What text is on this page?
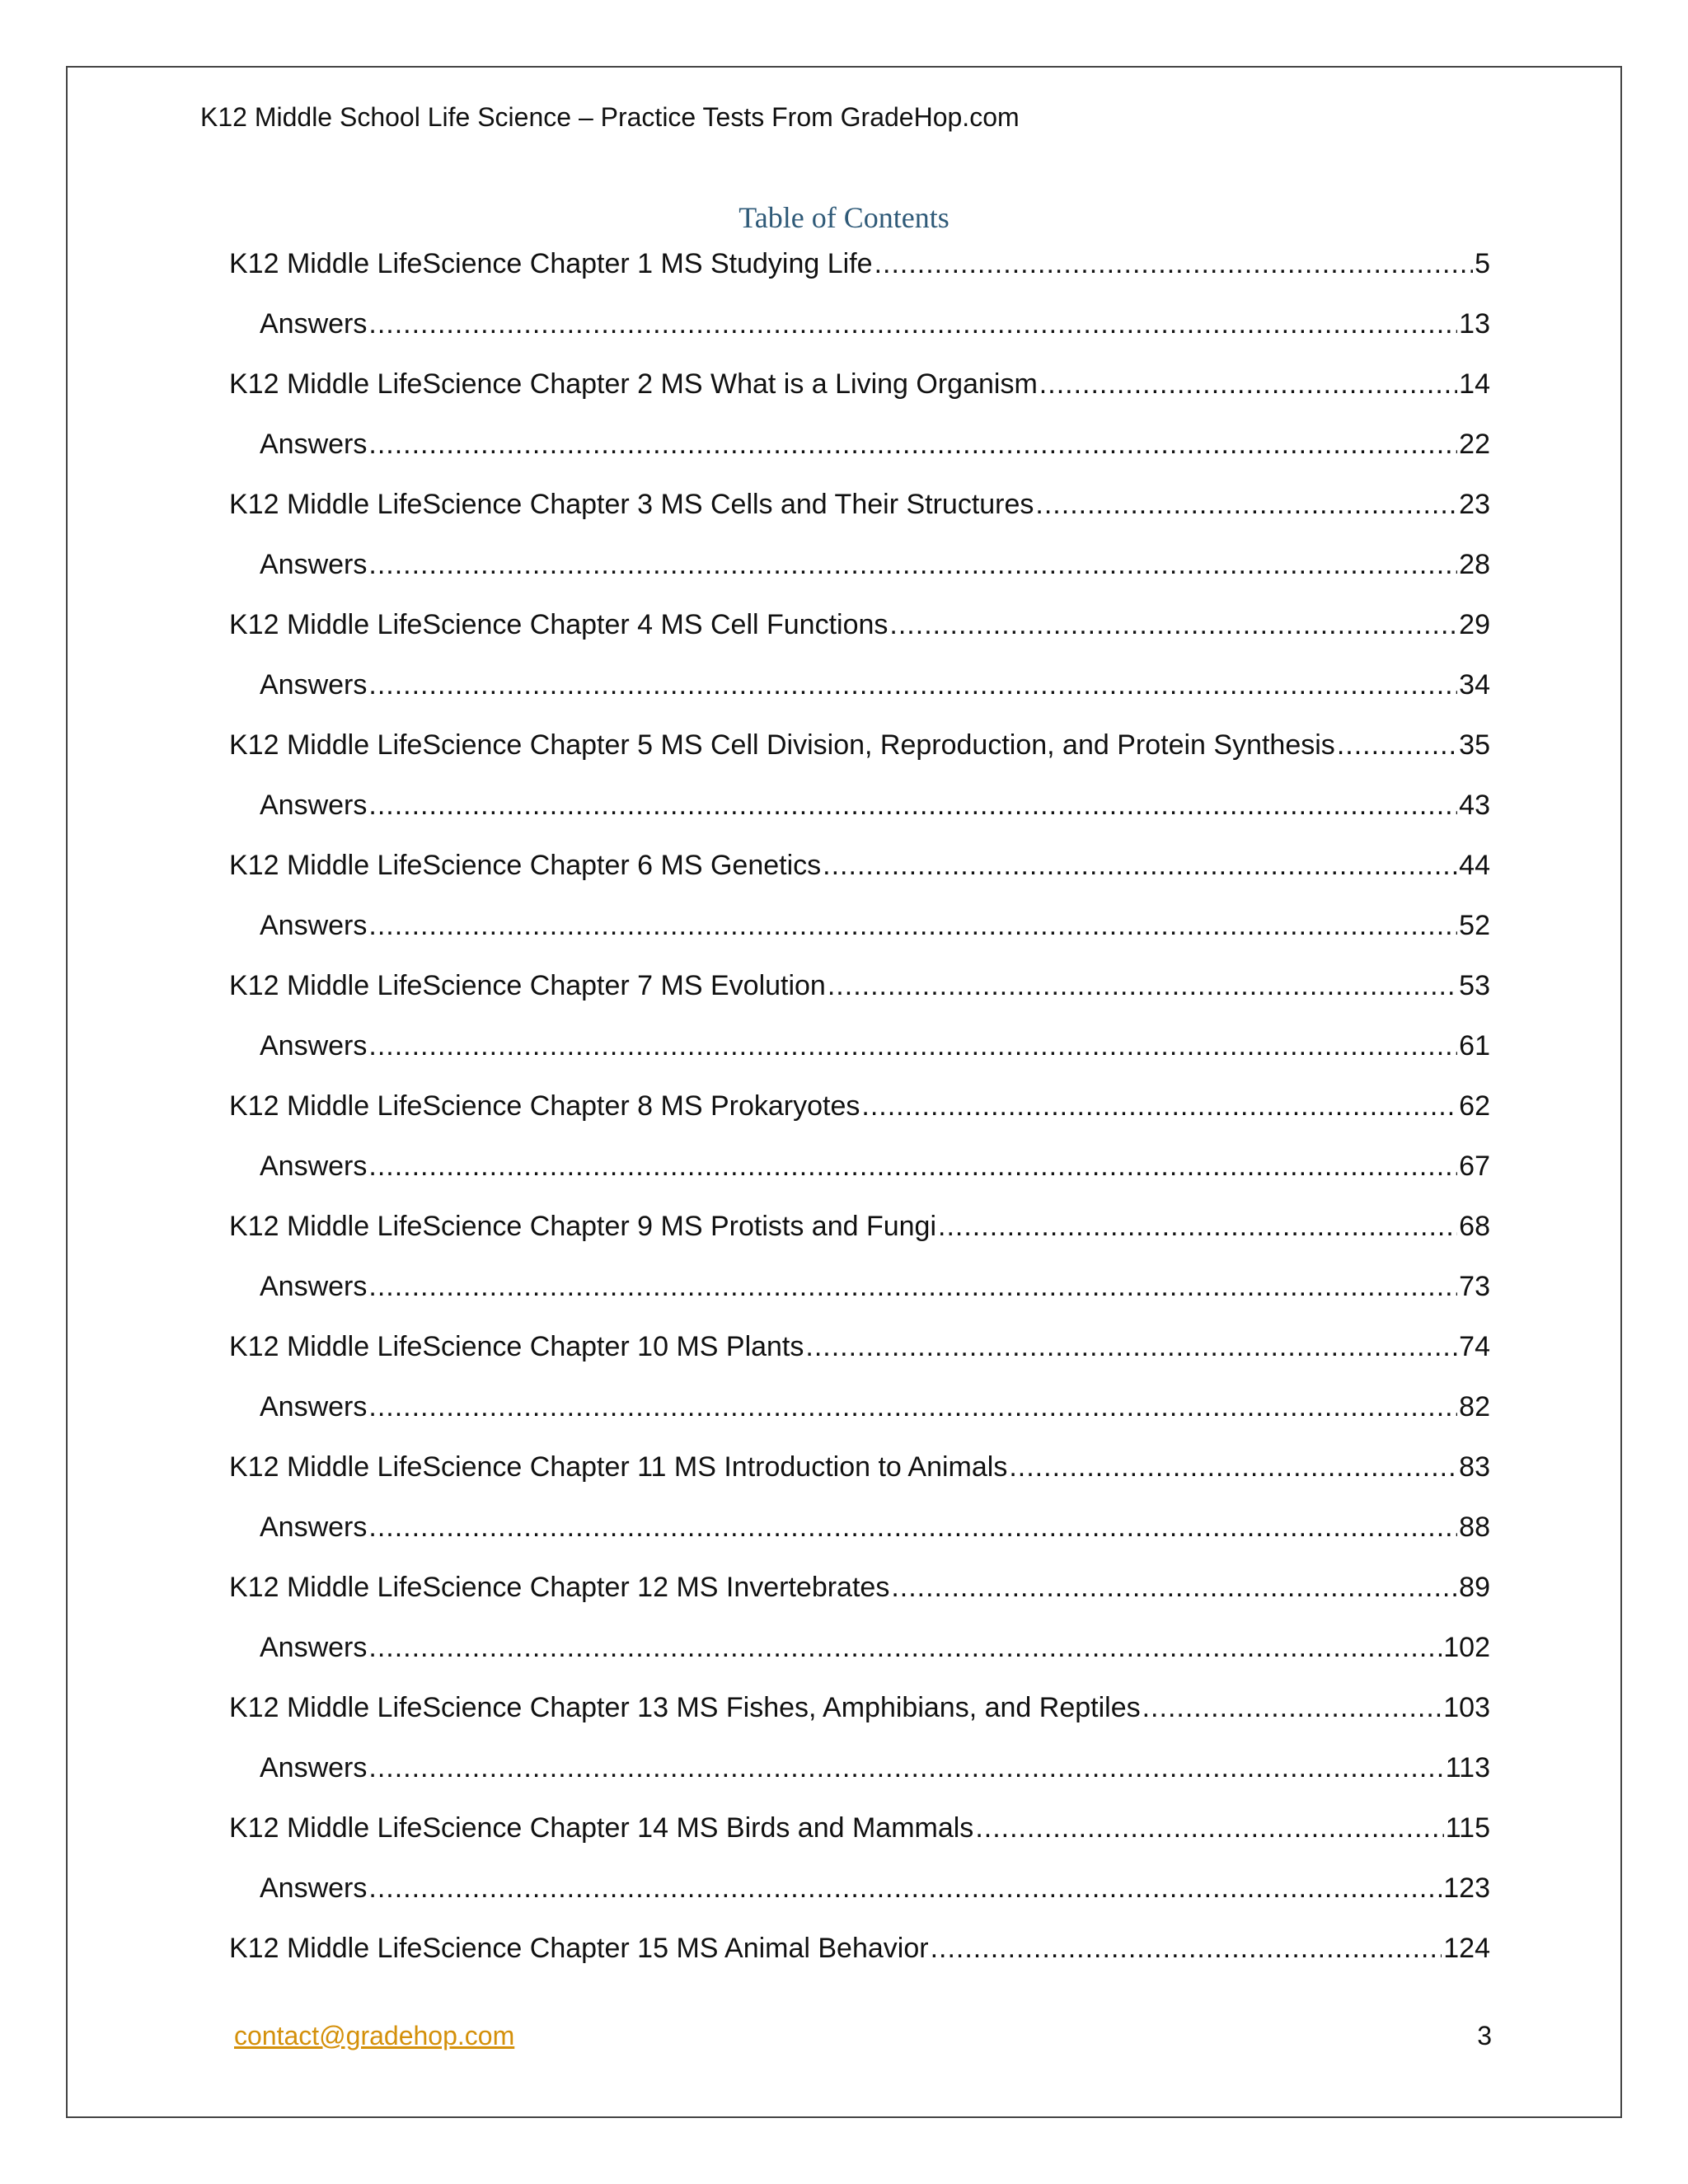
K12 Middle School Life Science – Practice Tests From GradeHop.com
Table of Contents
K12 Middle LifeScience Chapter 1 MS Studying Life .....	5
Answers .....	13
K12 Middle LifeScience Chapter 2 MS What is a Living Organism .....	14
Answers .....	22
K12 Middle LifeScience Chapter 3 MS Cells and Their Structures .....	23
Answers .....	28
K12 Middle LifeScience Chapter 4 MS Cell Functions .....	29
Answers .....	34
K12 Middle LifeScience Chapter 5 MS Cell Division, Reproduction, and Protein Synthesis .....	35
Answers .....	43
K12 Middle LifeScience Chapter 6 MS Genetics .....	44
Answers .....	52
K12 Middle LifeScience Chapter 7 MS Evolution .....	53
Answers .....	61
K12 Middle LifeScience Chapter 8 MS Prokaryotes .....	62
Answers .....	67
K12 Middle LifeScience Chapter 9 MS Protists and Fungi .....	68
Answers .....	73
K12 Middle LifeScience Chapter 10 MS Plants .....	74
Answers .....	82
K12 Middle LifeScience Chapter 11 MS Introduction to Animals .....	83
Answers .....	88
K12 Middle LifeScience Chapter 12 MS Invertebrates .....	89
Answers .....	102
K12 Middle LifeScience Chapter 13 MS Fishes, Amphibians, and Reptiles .....	103
Answers .....	113
K12 Middle LifeScience Chapter 14 MS Birds and Mammals .....	115
Answers .....	123
K12 Middle LifeScience Chapter 15 MS Animal Behavior .....	124
contact@gradehop.com	3
